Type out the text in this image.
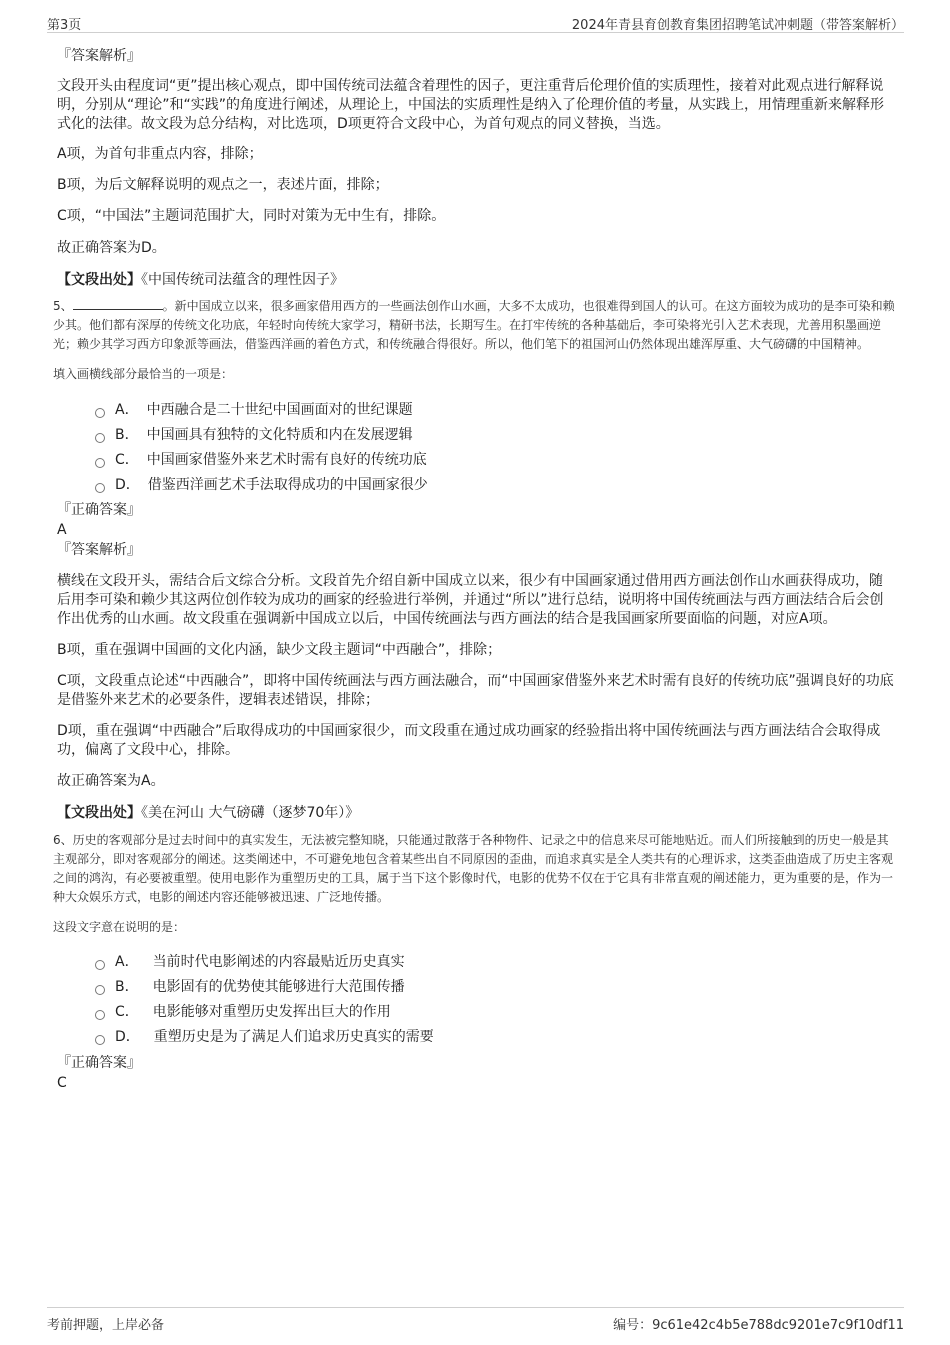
第3页	2024年青县育创教育集团招聘笔试冲刺题（带答案解析）
『答案解析』
文段开头由程度词“更”提出核心观点，即中国传统司法蕴含着理性的因子，更注重背后伦理价值的实质理性，接着对此观点进行解释说明，分别从“理论”和“实践”的角度进行阐述，从理论上，中国法的实质理性是纳入了伦理价值的考量，从实践上，用情理重新来解释形式化的法律。故文段为总分结构，对比选项，D项更符合文段中心，为首句观点的同义替换，当选。
A项，为首句非重点内容，排除；
B项，为后文解释说明的观点之一，表述片面，排除；
C项，“中国法”主题词范围扩大，同时对策为无中生有，排除。
故正确答案为D。
【文段出处】《中国传统司法蕴含的理性因子》
5、	。新中国成立以来，很多画家借用西方的一些画法创作山水画，大多不太成功，也很难得到国人的认可。在这方面较为成功的是李可染和赖少其。他们都有深厚的传统文化功底，年轻时向传统大家学习，精研书法，长期写生。在打牢传统的各种基础后，李可染将光引入艺术表现，尤善用积墨画逆光；赖少其学习西方印象派等画法，借鉴西洋画的着色方式，和传统融合得很好。所以，他们笔下的祖国河山仍然体现出雄浑厚重、大气磅礴的中国精神。
填入画横线部分最恰当的一项是：
A． 中西融合是二十世纪中国画面对的世纪课题
B． 中国画具有独特的文化特质和内在发展逻辑
C． 中国画家借鉴外来艺术时需有良好的传统功底
D． 借鉴西洋画艺术手法取得成功的中国画家很少
『正确答案』
A
『答案解析』
横线在文段开头，需结合后文综合分析。文段首先介绍自新中国成立以来，很少有中国画家通过借用西方画法创作山水画获得成功，随后用李可染和赖少其这两位创作较为成功的画家的经验进行举例，并通过“所以”进行总结，说明将中国传统画法与西方画法结合后会创作出优秀的山水画。故文段重在强调新中国成立以后，中国传统画法与西方画法的结合是我国画家所要面临的问题，对应A项。
B项，重在强调中国画的文化内涵，缺少文段主题词“中西融合”，排除；
C项，文段重点论述“中西融合”，即将中国传统画法与西方画法融合，而“中国画家借鉴外来艺术时需有良好的传统功底”强调良好的功底是借鉴外来艺术的必要条件，逻辑表述错误，排除；
D项，重在强调“中西融合”后取得成功的中国画家很少，而文段重在通过成功画家的经验指出将中国传统画法与西方画法结合会取得成功，偏离了文段中心，排除。
故正确答案为A。
【文段出处】《美在河山 大气磅礴（逐梦70年）》
6、历史的客观部分是过去时间中的真实发生，无法被完整知晓，只能通过散落于各种物件、记录之中的信息来尽可能地贴近。而人们所接触到的历史一般是其主观部分，即对客观部分的阐述。这类阐述中，不可避免地包含着某些出自不同原因的歪曲，而追求真实是全人类共有的心理诉求，这类歪曲造成了历史主客观之间的鸿沟，有必要被重塑。使用电影作为重塑历史的工具，属于当下这个影像时代，电影的优势不仅在于它具有非常直观的阐述能力，更为重要的是，作为一种大众娱乐方式，电影的阐述内容还能够被迅速、广泛地传播。
这段文字意在说明的是：
A． 当前时代电影阐述的内容最贴近历史真实
B． 电影固有的优势使其能够进行大范围传播
C． 电影能够对重塑历史发挥出巨大的作用
D． 重塑历史是为了满足人们追求历史真实的需要
『正确答案』
C
考前押题，上岸必备	编号：9c61e42c4b5e788dc9201e7c9f10df11
